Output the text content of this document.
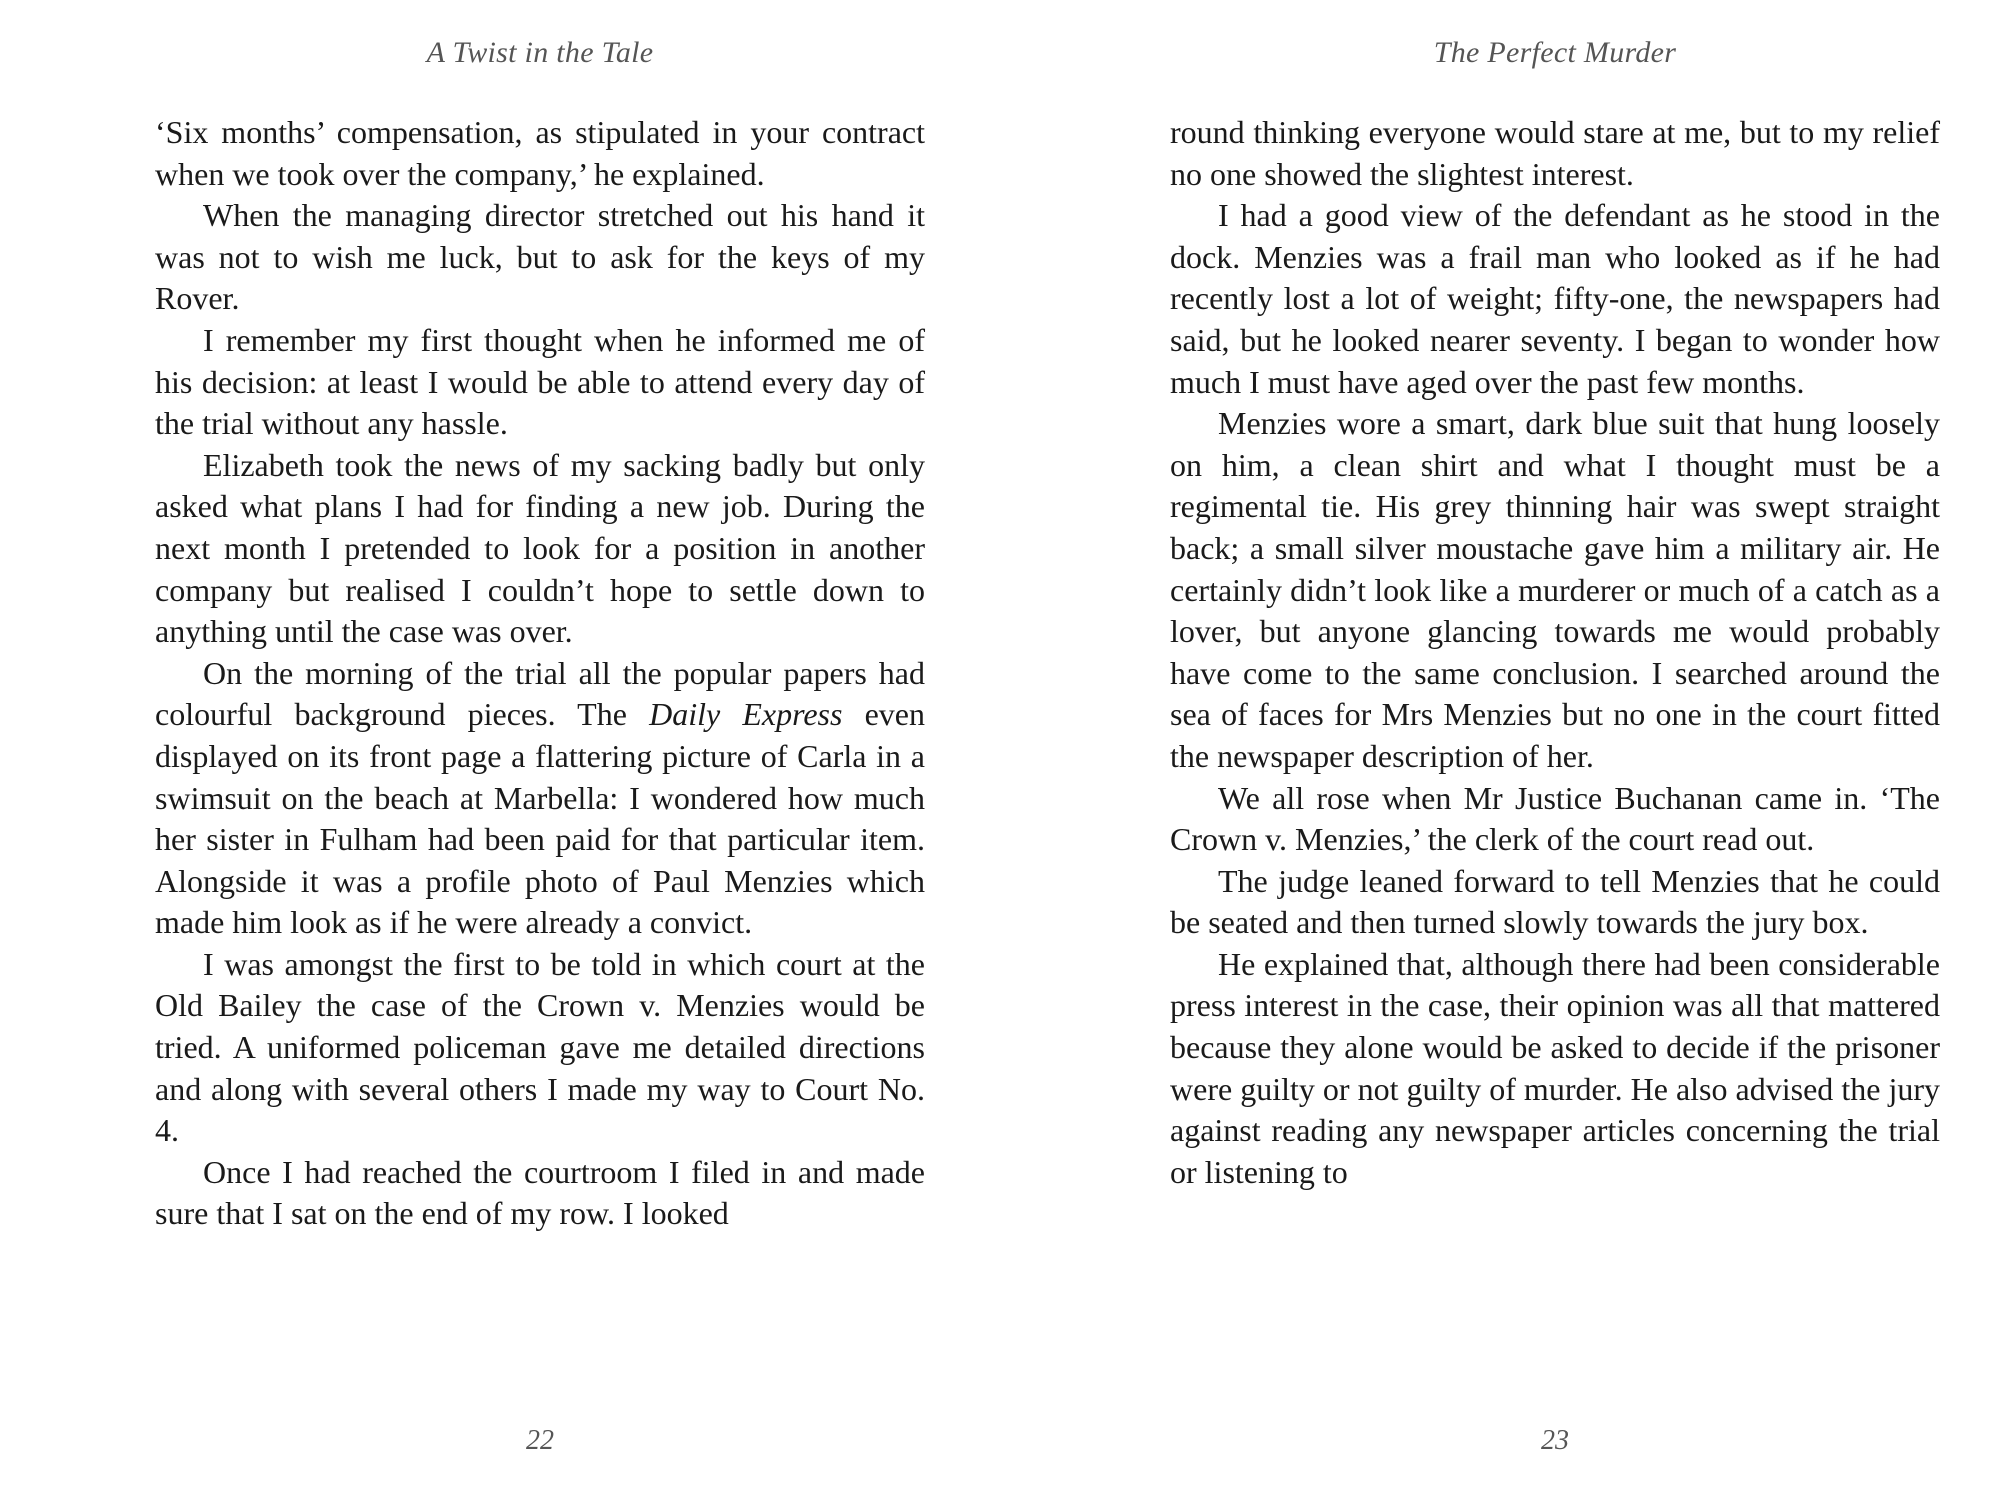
A Twist in the Tale

‘Six months’ compensation, as stipulated in your contract when we took over the company,’ he explained.

When the managing director stretched out his hand it was not to wish me luck, but to ask for the keys of my Rover.

I remember my first thought when he informed me of his decision: at least I would be able to attend every day of the trial without any hassle.

Elizabeth took the news of my sacking badly but only asked what plans I had for finding a new job. During the next month I pretended to look for a position in another company but realised I couldn’t hope to settle down to anything until the case was over.

On the morning of the trial all the popular papers had colourful background pieces. The Daily Express even displayed on its front page a flattering picture of Carla in a swimsuit on the beach at Marbella: I wondered how much her sister in Fulham had been paid for that particular item. Alongside it was a profile photo of Paul Menzies which made him look as if he were already a convict.

I was amongst the first to be told in which court at the Old Bailey the case of the Crown v. Menzies would be tried. A uniformed policeman gave me detailed directions and along with several others I made my way to Court No. 4.

Once I had reached the courtroom I filed in and made sure that I sat on the end of my row. I looked

22
The Perfect Murder

round thinking everyone would stare at me, but to my relief no one showed the slightest interest.

I had a good view of the defendant as he stood in the dock. Menzies was a frail man who looked as if he had recently lost a lot of weight; fifty-one, the newspapers had said, but he looked nearer seventy. I began to wonder how much I must have aged over the past few months.

Menzies wore a smart, dark blue suit that hung loosely on him, a clean shirt and what I thought must be a regimental tie. His grey thinning hair was swept straight back; a small silver moustache gave him a military air. He certainly didn’t look like a murderer or much of a catch as a lover, but anyone glancing towards me would probably have come to the same conclusion. I searched around the sea of faces for Mrs Menzies but no one in the court fitted the newspaper description of her.

We all rose when Mr Justice Buchanan came in. ‘The Crown v. Menzies,’ the clerk of the court read out.

The judge leaned forward to tell Menzies that he could be seated and then turned slowly towards the jury box.

He explained that, although there had been considerable press interest in the case, their opinion was all that mattered because they alone would be asked to decide if the prisoner were guilty or not guilty of murder. He also advised the jury against reading any newspaper articles concerning the trial or listening to

23
